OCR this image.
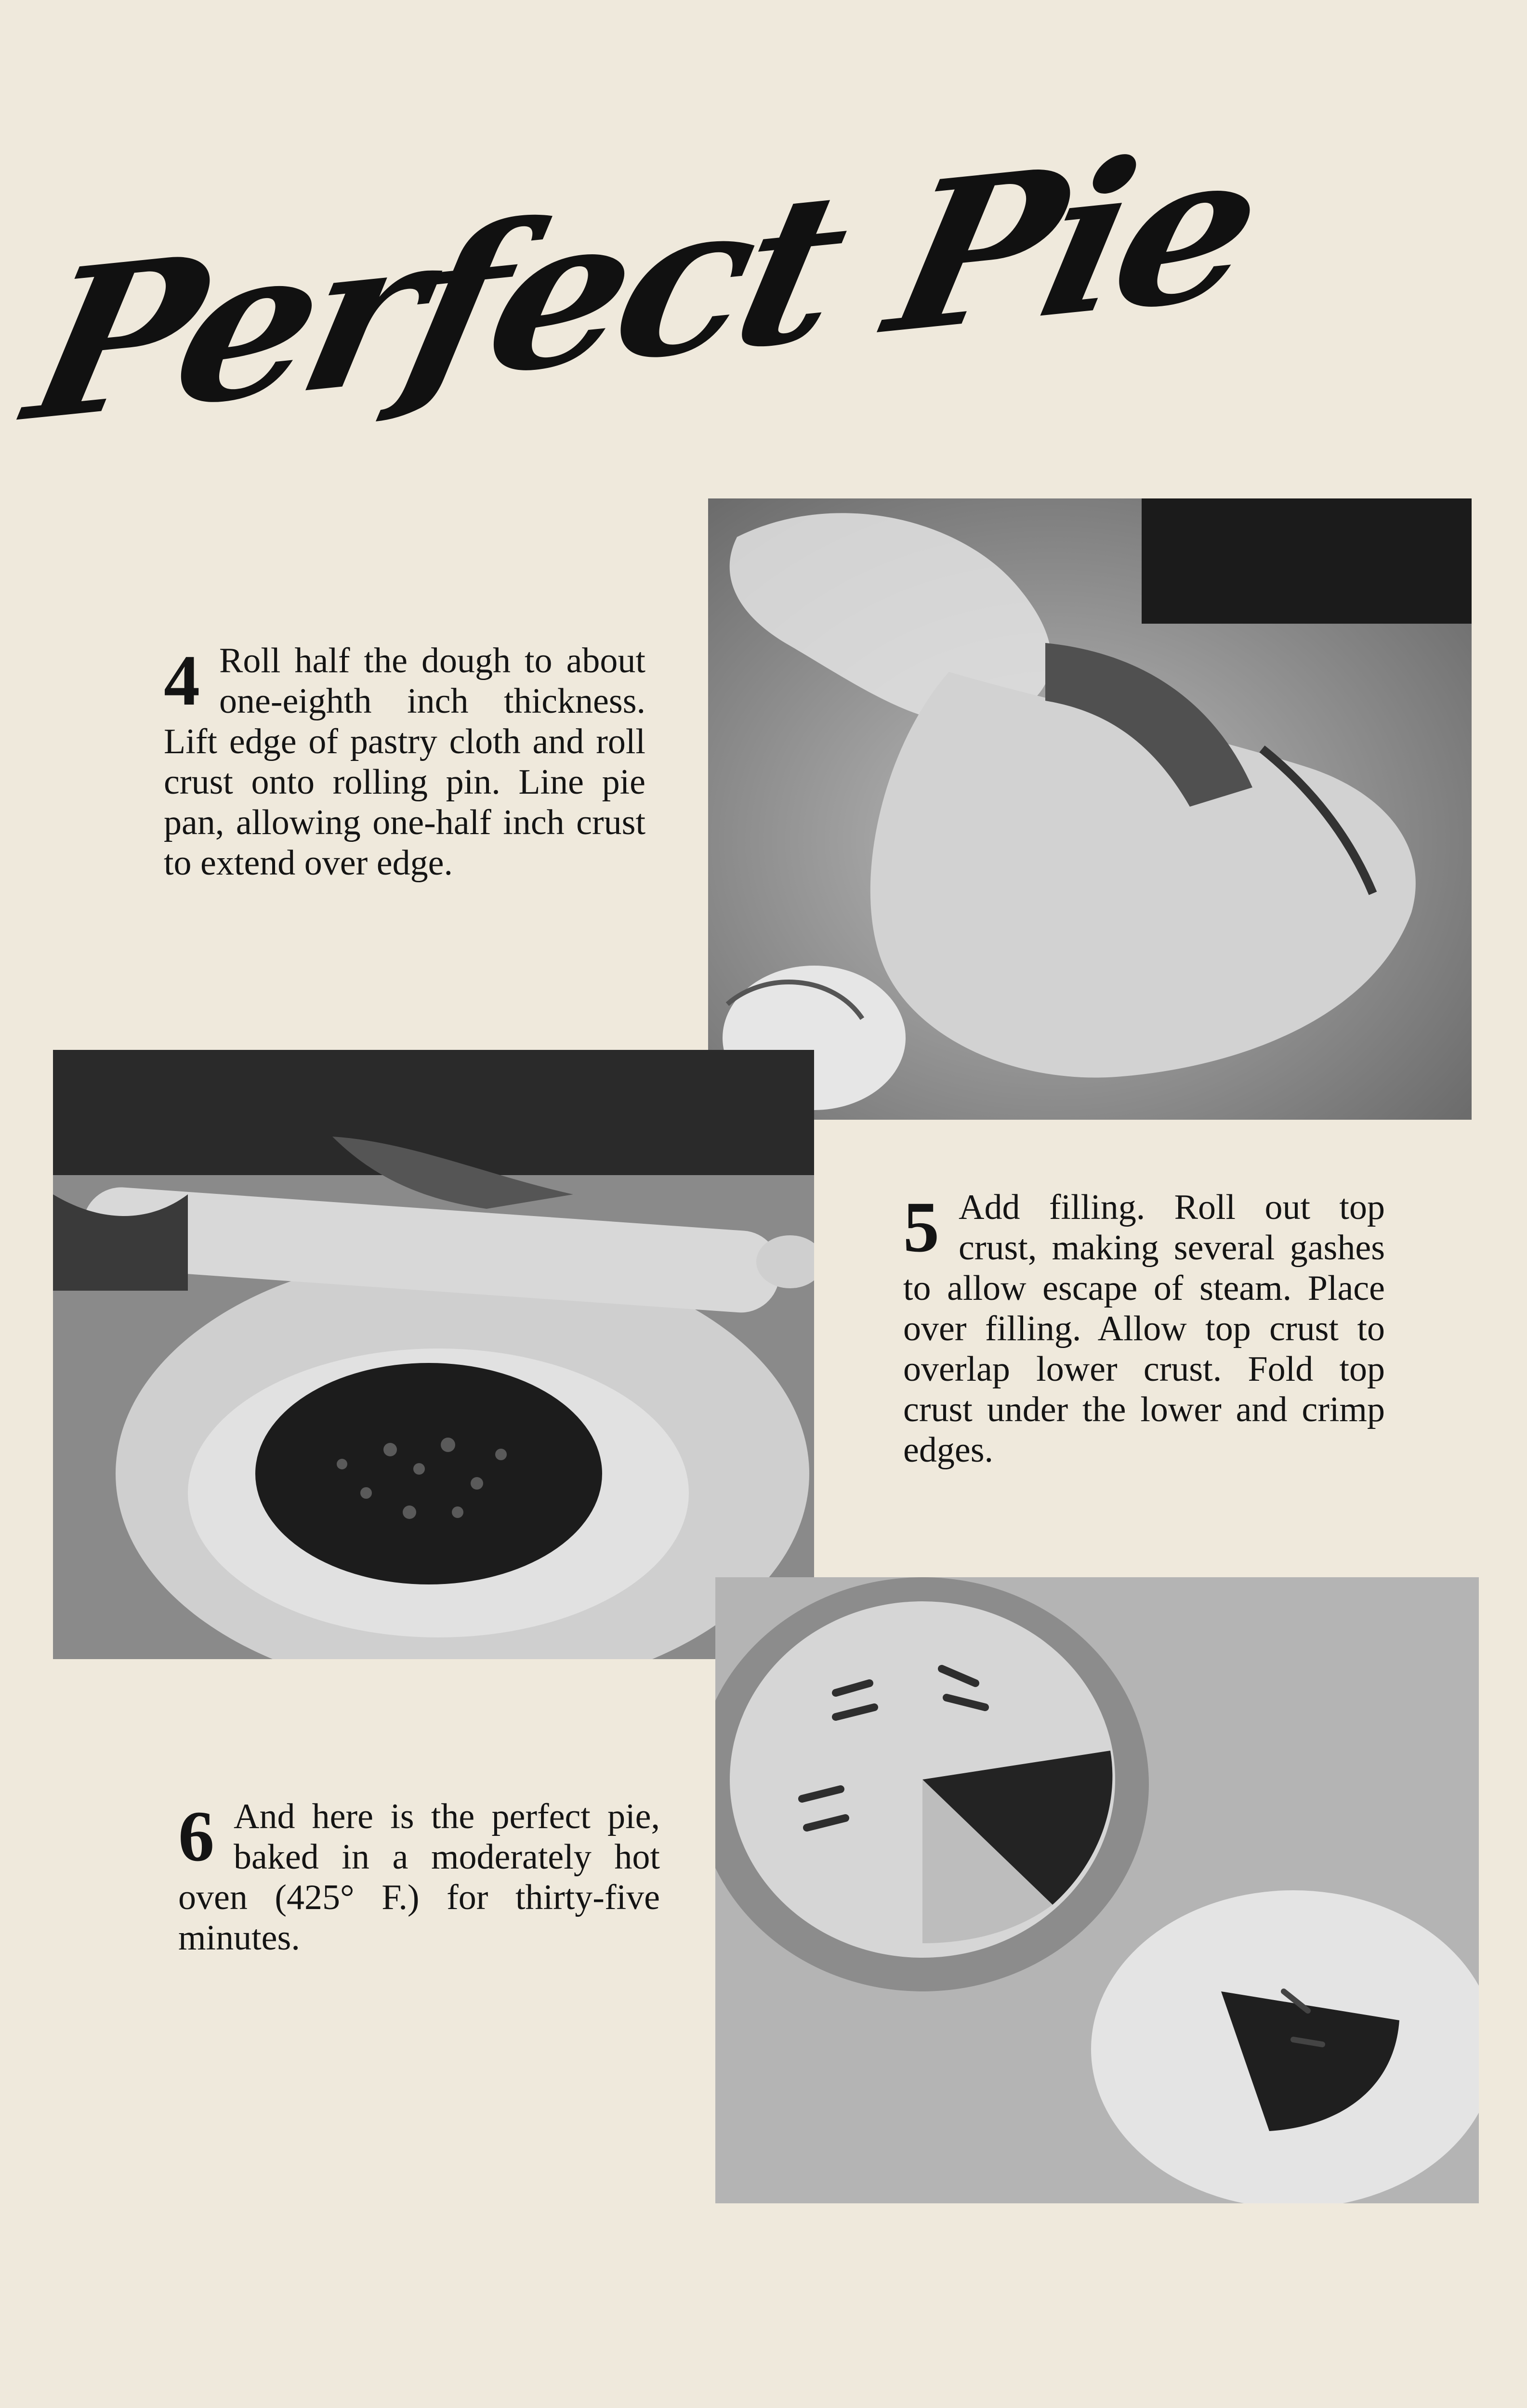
Perfect Pie
4 Roll half the dough to about one-eighth inch thickness. Lift edge of pastry cloth and roll crust onto rolling pin. Line pie pan, allowing one-half inch crust to extend over edge.
5 Add filling. Roll out top crust, making several gashes to allow escape of steam. Place over filling. Allow top crust to overlap lower crust. Fold top crust under the lower and crimp edges.
6 And here is the perfect pie, baked in a moderately hot oven (425° F.) for thirty-five minutes.
